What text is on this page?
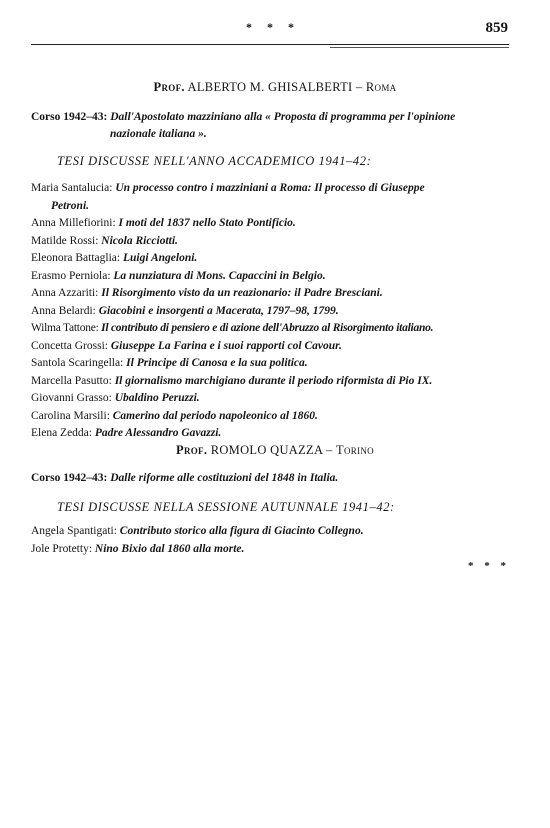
* * *	859
Prof. ALBERTO M. GHISALBERTI – Roma
Corso 1942–43: Dall'Apostolato mazziniano alla « Proposta di programma per l'opinione
nazionale italiana ».
TESI DISCUSSE NELL'ANNO ACCADEMICO 1941–42:
Maria Santalucia: Un processo contro i mazziniani a Roma: Il processo di Giuseppe
Petroni.
Anna Millefiorini: I moti del 1837 nello Stato Pontificio.
Matilde Rossi: Nicola Ricciotti.
Eleonora Battaglia: Luigi Angeloni.
Erasmo Perniola: La nunziatura di Mons. Capaccini in Belgio.
Anna Azzariti: Il Risorgimento visto da un reazionario: il Padre Bresciani.
Anna Belardi: Giacobini e insorgenti a Macerata, 1797–98, 1799.
Wilma Tattone: Il contributo di pensiero e di azione dell'Abruzzo al Risorgimento italiano.
Concetta Grossi: Giuseppe La Farina e i suoi rapporti col Cavour.
Santola Scaringella: Il Principe di Canosa e la sua politica.
Marcella Pasutto: Il giornalismo marchigiano durante il periodo riformista di Pio IX.
Giovanni Grasso: Ubaldino Peruzzi.
Carolina Marsili: Camerino dal periodo napoleonico al 1860.
Elena Zedda: Padre Alessandro Gavazzi.
Prof. ROMOLO QUAZZA – Torino
Corso 1942–43: Dalle riforme alle costituzioni del 1848 in Italia.
TESI DISCUSSE NELLA SESSIONE AUTUNNALE 1941–42:
Angela Spantigati: Contributo storico alla figura di Giacinto Collegno.
Jole Protetty: Nino Bixio dal 1860 alla morte.
* * *
